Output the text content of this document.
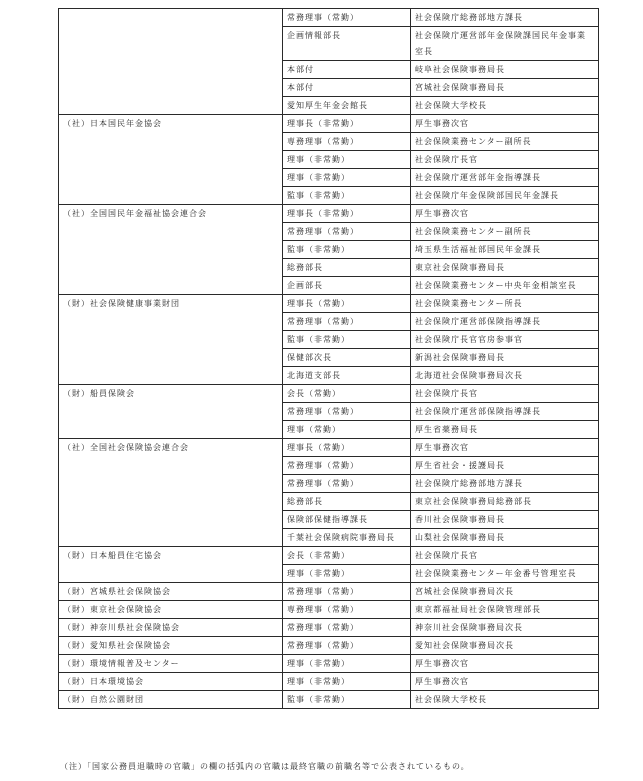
	常務理事（常勤）	社会保険庁総務部地方課長
	企画情報部長	社会保険庁運営部年金保険課国民年金事業室長
	本部付	岐阜社会保険事務局長
	本部付	宮城社会保険事務局長
	愛知厚生年金会館長	社会保険大学校長
（社）日本国民年金協会	理事長（非常勤）	厚生事務次官
	専務理事（常勤）	社会保険業務センター副所長
	理事（非常勤）	社会保険庁長官
	理事（非常勤）	社会保険庁運営部年金指導課長
	監事（非常勤）	社会保険庁年金保険部国民年金課長
（社）全国国民年金福祉協会連合会	理事長（非常勤）	厚生事務次官
	常務理事（常勤）	社会保険業務センター副所長
	監事（非常勤）	埼玉県生活福祉部国民年金課長
	総務部長	東京社会保険事務局長
	企画部長	社会保険業務センター中央年金相談室長
（財）社会保険健康事業財団	理事長（常勤）	社会保険業務センター所長
	常務理事（常勤）	社会保険庁運営部保険指導課長
	監事（非常勤）	社会保険庁長官官房参事官
	保健部次長	新潟社会保険事務局長
	北海道支部長	北海道社会保険事務局次長
（財）船員保険会	会長（常勤）	社会保険庁長官
	常務理事（常勤）	社会保険庁運営部保険指導課長
	理事（常勤）	厚生省薬務局長
（社）全国社会保険協会連合会	理事長（常勤）	厚生事務次官
	常務理事（常勤）	厚生省社会・援護局長
	常務理事（常勤）	社会保険庁総務部地方課長
	総務部長	東京社会保険事務局総務部長
	保険部保健指導課長	香川社会保険事務局長
	千葉社会保険病院事務局長	山梨社会保険事務局長
（財）日本船員住宅協会	会長（非常勤）	社会保険庁長官
	理事（非常勤）	社会保険業務センター年金番号管理室長
（財）宮城県社会保険協会	常務理事（常勤）	宮城社会保険事務局次長
（財）東京社会保険協会	専務理事（常勤）	東京都福祉局社会保険管理部長
（財）神奈川県社会保険協会	常務理事（常勤）	神奈川社会保険事務局次長
（財）愛知県社会保険協会	常務理事（常勤）	愛知社会保険事務局次長
（財）環境情報普及センター	理事（非常勤）	厚生事務次官
（財）日本環境協会	理事（非常勤）	厚生事務次官
（財）自然公園財団	監事（非常勤）	社会保険大学校長
（注）「国家公務員退職時の官職」の欄の括弧内の官職は最終官職の前職名等で公表されているもの。
